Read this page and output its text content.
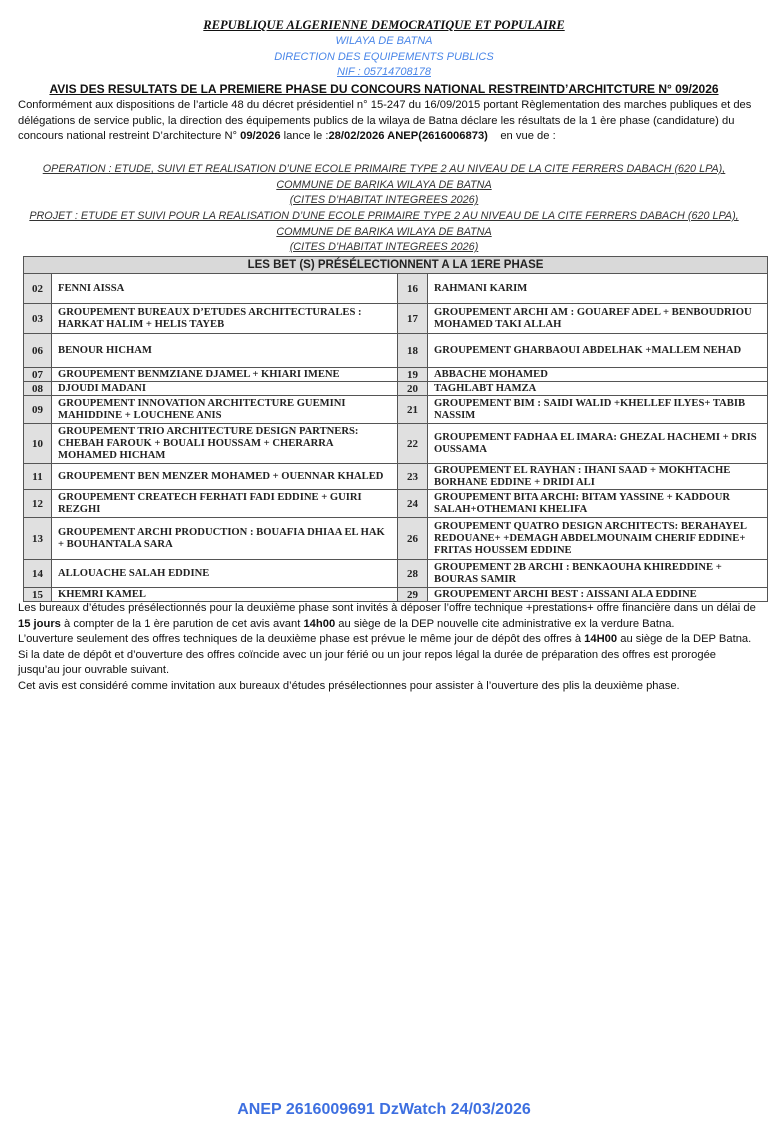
REPUBLIQUE ALGERIENNE DEMOCRATIQUE ET POPULAIRE
WILAYA DE BATNA
DIRECTION DES EQUIPEMENTS PUBLICS
NIF : 05714708178
AVIS DES RESULTATS DE LA PREMIERE PHASE DU CONCOURS NATIONAL RESTREINTD’ARCHITCTURE N° 09/2026
Conformément aux dispositions de l’article 48 du décret présidentiel n° 15-247 du 16/09/2015 portant Règlementation des marches publiques et des délégations de service public, la direction des équipements publics de la wilaya de Batna déclare les résultats de la 1 ère phase (candidature) du concours national restreint D’architecture N° 09/2026 lance le :28/02/2026 ANEP(2616006873)    en vue de :
OPERATION : ETUDE, SUIVI ET REALISATION D’UNE ECOLE PRIMAIRE TYPE 2 AU NIVEAU DE LA CITE FERRERS DABACH (620 LPA),
COMMUNE DE BARIKA WILAYA DE BATNA
(CITES D’HABITAT INTEGREES 2026)
PROJET : ETUDE ET SUIVI POUR LA REALISATION D’UNE ECOLE PRIMAIRE TYPE 2 AU NIVEAU DE LA CITE FERRERS DABACH (620 LPA),
COMMUNE DE BARIKA WILAYA DE BATNA
(CITES D’HABITAT INTEGREES 2026)
LES BET (S) PRÉSÉLECTIONNENT A LA 1ERE PHASE			
02	FENNI AISSA	16	RAHMANI KARIM
03	GROUPEMENT BUREAUX D’ETUDES ARCHITECTURALES : HARKAT HALIM + HELIS TAYEB	17	GROUPEMENT ARCHI AM : GOUAREF ADEL + BENBOUDRIOU MOHAMED TAKI ALLAH
06	BENOUR HICHAM	18	GROUPEMENT GHARBAOUI ABDELHAK +MALLEM NEHAD
07	GROUPEMENT BENMZIANE DJAMEL + KHIARI IMENE	19	ABBACHE MOHAMED
08	DJOUDI MADANI	20	TAGHLABT HAMZA
09	GROUPEMENT INNOVATION ARCHITECTURE GUEMINI MAHIDDINE + LOUCHENE ANIS	21	GROUPEMENT BIM : SAIDI WALID +KHELLEF ILYES+ TABIB NASSIM
10	GROUPEMENT TRIO ARCHITECTURE DESIGN PARTNERS: CHEBAH FAROUK + BOUALI HOUSSAM + CHERARRA MOHAMED HICHAM	22	GROUPEMENT FADHAA EL IMARA: GHEZAL HACHEMI + DRIS OUSSAMA
11	GROUPEMENT BEN MENZER MOHAMED + OUENNAR KHALED	23	GROUPEMENT EL RAYHAN : IHANI SAAD + MOKHTACHE BORHANE EDDINE + DRIDI ALI
12	GROUPEMENT CREATECH FERHATI FADI EDDINE + GUIRI REZGHI	24	GROUPEMENT BITA ARCHI: BITAM YASSINE + KADDOUR SALAH+OTHEMANI KHELIFA
13	GROUPEMENT ARCHI PRODUCTION : BOUAFIA DHIAA EL HAK + BOUHANTALA SARA	26	GROUPEMENT QUATRO DESIGN ARCHITECTS: BERAHAYEL REDOUANE+ +DEMAGH ABDELMOUNAIM CHERIF EDDINE+ FRITAS HOUSSEM EDDINE
14	ALLOUACHE SALAH EDDINE	28	GROUPEMENT 2B ARCHI : BENKAOUHA KHIREDDINE + BOURAS SAMIR
15	KHEMRI KAMEL	29	GROUPEMENT ARCHI BEST : AISSANI ALA EDDINE

Les bureaux d’études présélectionnés pour la deuxième phase sont invités à déposer l’offre technique +prestations+ offre financière dans un délai de 15 jours à compter de la 1 ère parution de cet avis avant 14h00 au siège de la DEP nouvelle cite administrative ex la verdure Batna.

L’ouverture seulement des offres techniques de la deuxième phase est prévue le même jour de dépôt des offres à 14H00 au siège de la DEP Batna.

Si la date de dépôt et d’ouverture des offres coïncide avec un jour férié ou un jour repos légal la durée de préparation des offres est prorogée jusqu’au jour ouvrable suivant.

Cet avis est considéré comme invitation aux bureaux d’études présélectionnes pour assister à l’ouverture des plis la deuxième phase.

ANEP 2616009691 DzWatch 24/03/2026
